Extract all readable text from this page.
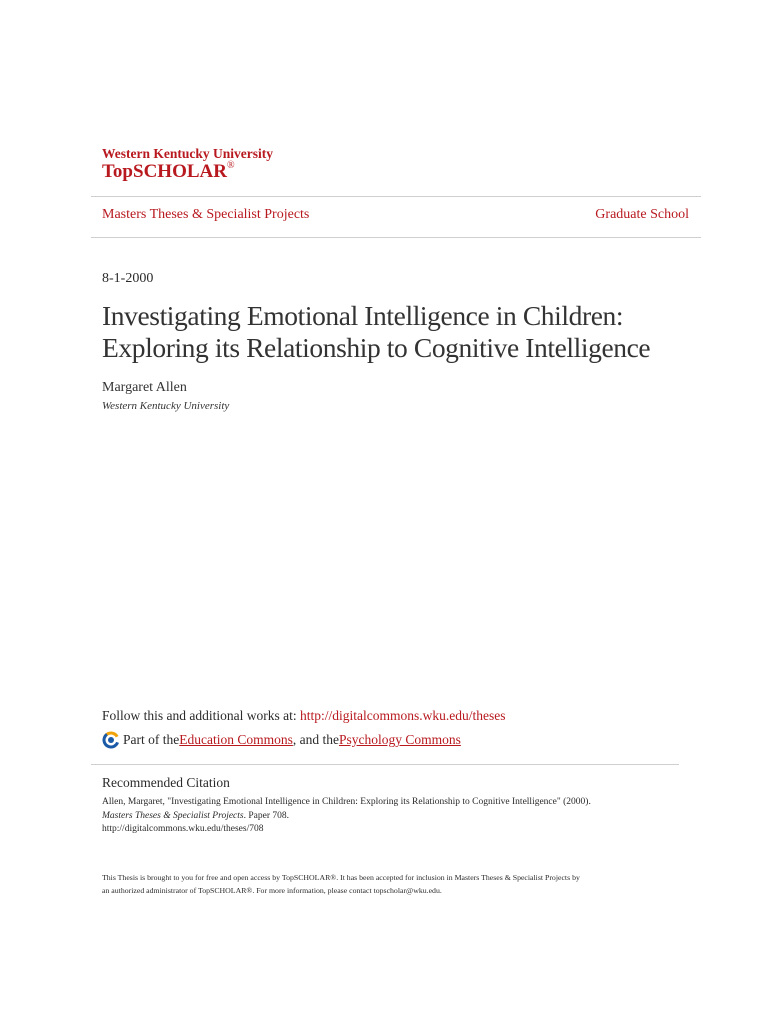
Western Kentucky University
TopSCHOLAR®
Masters Theses & Specialist Projects	Graduate School
8-1-2000
Investigating Emotional Intelligence in Children:
Exploring its Relationship to Cognitive Intelligence
Margaret Allen
Western Kentucky University
Follow this and additional works at: http://digitalcommons.wku.edu/theses
Part of the Education Commons , and the Psychology Commons
Recommended Citation
Allen, Margaret, "Investigating Emotional Intelligence in Children: Exploring its Relationship to Cognitive Intelligence" (2000).
Masters Theses & Specialist Projects. Paper 708.
http://digitalcommons.wku.edu/theses/708
This Thesis is brought to you for free and open access by TopSCHOLAR®. It has been accepted for inclusion in Masters Theses & Specialist Projects by
an authorized administrator of TopSCHOLAR®. For more information, please contact topscholar@wku.edu.
